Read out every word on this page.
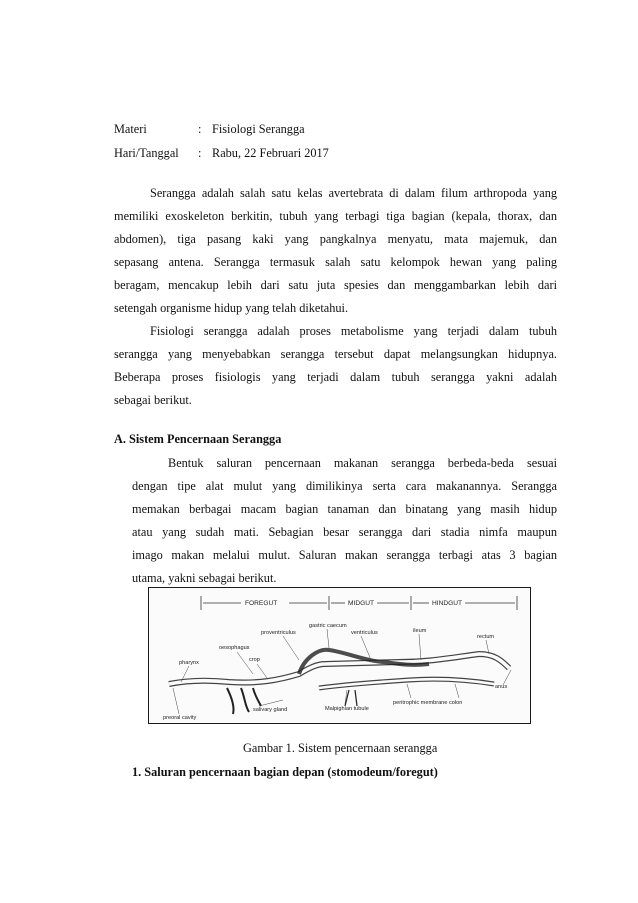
Materi	: Fisiologi Serangga
Hari/Tanggal : Rabu, 22 Februari 2017
Serangga adalah salah satu kelas avertebrata di dalam filum arthropoda yang
memiliki exoskeleton berkitin, tubuh yang terbagi tiga bagian (kepala, thorax, dan
abdomen), tiga pasang kaki yang pangkalnya menyatu, mata majemuk, dan
sepasang antena. Serangga termasuk salah satu kelompok hewan yang paling
beragam, mencakup lebih dari satu juta spesies dan menggambarkan lebih dari
setengah organisme hidup yang telah diketahui.
Fisiologi serangga adalah proses metabolisme yang terjadi dalam tubuh
serangga yang menyebabkan serangga tersebut dapat melangsungkan hidupnya.
Beberapa proses fisiologis yang terjadi dalam tubuh serangga yakni adalah
sebagai berikut.
A. Sistem Pencernaan Serangga
Bentuk saluran pencernaan makanan serangga berbeda-beda sesuai
dengan tipe alat mulut yang dimilikinya serta cara makanannya. Serangga
memakan berbagai macam bagian tanaman dan binatang yang masih hidup
atau yang sudah mati. Sebagian besar serangga dari stadia nimfa maupun
imago makan melalui mulut. Saluran makan serangga terbagi atas 3 bagian
utama, yakni sebagai berikut.
FOREGUT	MIDGUT	HINDGUT
gastric caecum
proventriculus	ventriculus	ileum
oesophagus
crop
rectum
pharynx
anus
preoral cavity
salivary gland	Malpighian tubule
peritrophic membrane colon
Gambar 1. Sistem pencernaan serangga
1. Saluran pencernaan bagian depan (stomodeum/foregut)
